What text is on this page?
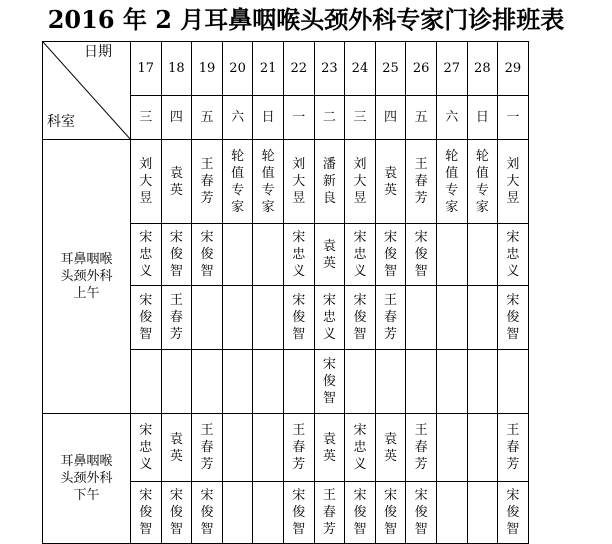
2016 年 2 月耳鼻咽喉头颈外科专家门诊排班表
日期
科室	17	18	19	20	21	22	23	24	25	26	27	28	29
	三	四	五	六	日	一	二	三	四	五	六	日	一

耳鼻咽喉
头颈外科
上午	刘大昱	袁英	王春芳	轮值专家	轮值专家	刘大昱	潘新良	刘大昱	袁英	王春芳	轮值专家	轮值专家	刘大昱
	宋忠义	宋俊智	宋俊智			宋忠义	袁英	宋忠义	宋俊智	宋俊智			宋忠义
	宋俊智	王春芳				宋俊智	宋忠义	宋俊智	王春芳				宋俊智
							宋俊智						

耳鼻咽喉
头颈外科
下午	宋忠义	袁英	王春芳			王春芳	袁英	宋忠义	袁英	王春芳			王春芳
	宋俊智	宋俊智	宋俊智			宋俊智	王春芳	宋俊智	宋俊智	宋俊智			宋俊智
